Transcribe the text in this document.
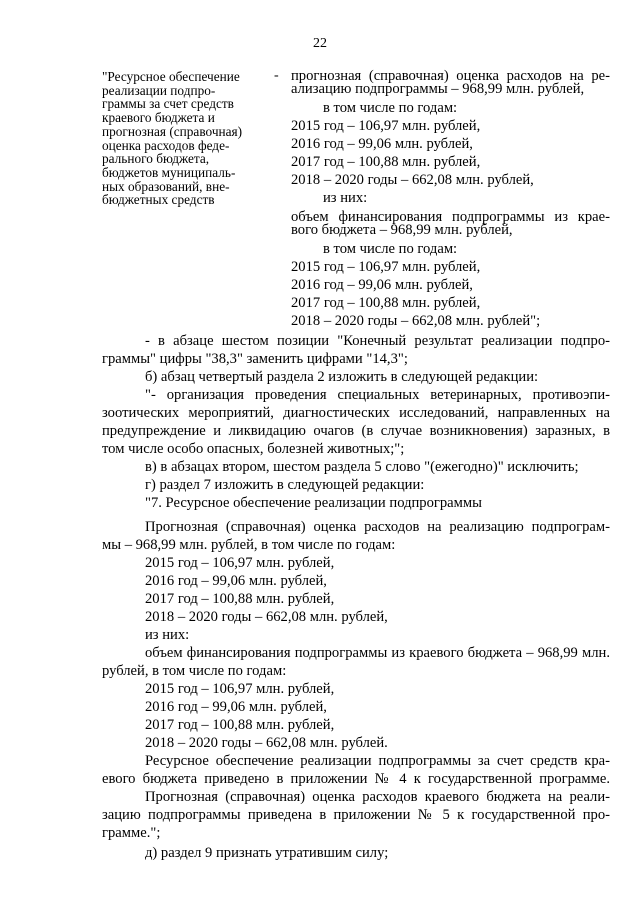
22
"Ресурсное обеспечение
реализации подпро-
граммы за счет средств
краевого бюджета и
прогнозная (справочная)
оценка расходов феде-
рального бюджета,
бюджетов муниципаль-
ных образований, вне-
бюджетных средств
- прогнозная (справочная) оценка расходов на ре-
ализацию подпрограммы – 968,99 млн. рублей,
в том числе по годам:
2015 год – 106,97 млн. рублей,
2016 год – 99,06 млн. рублей,
2017 год – 100,88 млн. рублей,
2018 – 2020 годы – 662,08 млн. рублей,
из них:
объем финансирования подпрограммы из крае-
вого бюджета – 968,99 млн. рублей,
в том числе по годам:
2015 год – 106,97 млн. рублей,
2016 год – 99,06 млн. рублей,
2017 год – 100,88 млн. рублей,
2018 – 2020 годы – 662,08 млн. рублей";
- в абзаце шестом позиции "Конечный результат реализации подпро-
граммы" цифры "38,3" заменить цифрами "14,3";
б) абзац четвертый раздела 2 изложить в следующей редакции:
"- организация проведения специальных ветеринарных, противоэпи-
зоотических мероприятий, диагностических исследований, направленных на
предупреждение и ликвидацию очагов (в случае возникновения) заразных, в
том числе особо опасных, болезней животных;";
в) в абзацах втором, шестом раздела 5 слово "(ежегодно)" исключить;
г) раздел 7 изложить в следующей редакции:
"7. Ресурсное обеспечение реализации подпрограммы
Прогнозная (справочная) оценка расходов на реализацию подпрограм-
мы – 968,99 млн. рублей, в том числе по годам:
2015 год – 106,97 млн. рублей,
2016 год – 99,06 млн. рублей,
2017 год – 100,88 млн. рублей,
2018 – 2020 годы – 662,08 млн. рублей,
из них:
объем финансирования подпрограммы из краевого бюджета – 968,99 млн.
рублей, в том числе по годам:
2015 год – 106,97 млн. рублей,
2016 год – 99,06 млн. рублей,
2017 год – 100,88 млн. рублей,
2018 – 2020 годы – 662,08 млн. рублей.
Ресурсное обеспечение реализации подпрограммы за счет средств кра-
евого бюджета приведено в приложении № 4 к государственной программе.
Прогнозная (справочная) оценка расходов краевого бюджета на реали-
зацию подпрограммы приведена в приложении № 5 к государственной про-
грамме.";
д) раздел 9 признать утратившим силу;
